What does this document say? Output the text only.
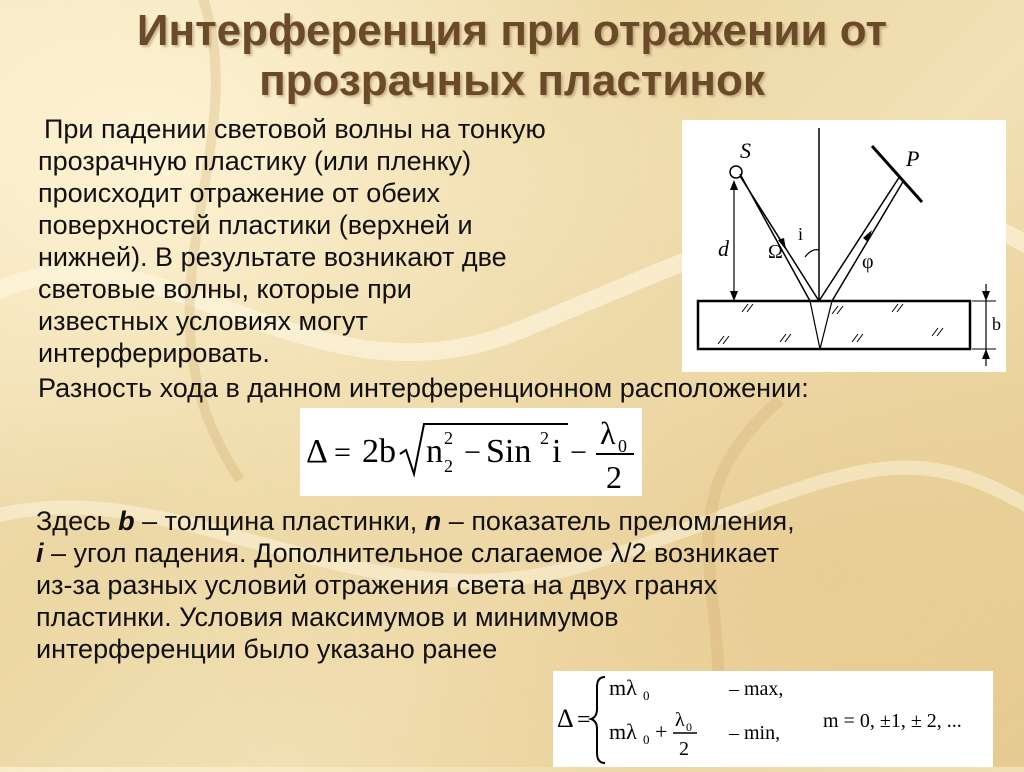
Интерференция при отражении от
прозрачных пластинок
При падении световой волны на тонкую
прозрачную пластику (или пленку)
происходит отражение от обеих
поверхностей пластики (верхней и
нижней). В результате возникают две
световые волны, которые при
известных условиях могут
интерферировать.
S	P
d
i
Ω	φ
b
Разность хода в данном интерференционном расположении:
Δ = 2b n 2
2 − Sin 2 i −
λ 0
2
Здесь b – толщина пластинки, n – показатель преломления,
i – угол падения. Дополнительное слагаемое λ/2 возникает
из-за разных условий отражения света на двух гранях
пластинки. Условия максимумов и минимумов
интерференции было указано ранее
Δ =
mλ 0	– max,
mλ 0 + λ 0
2
– min,
m = 0, ±1, ± 2, ...
